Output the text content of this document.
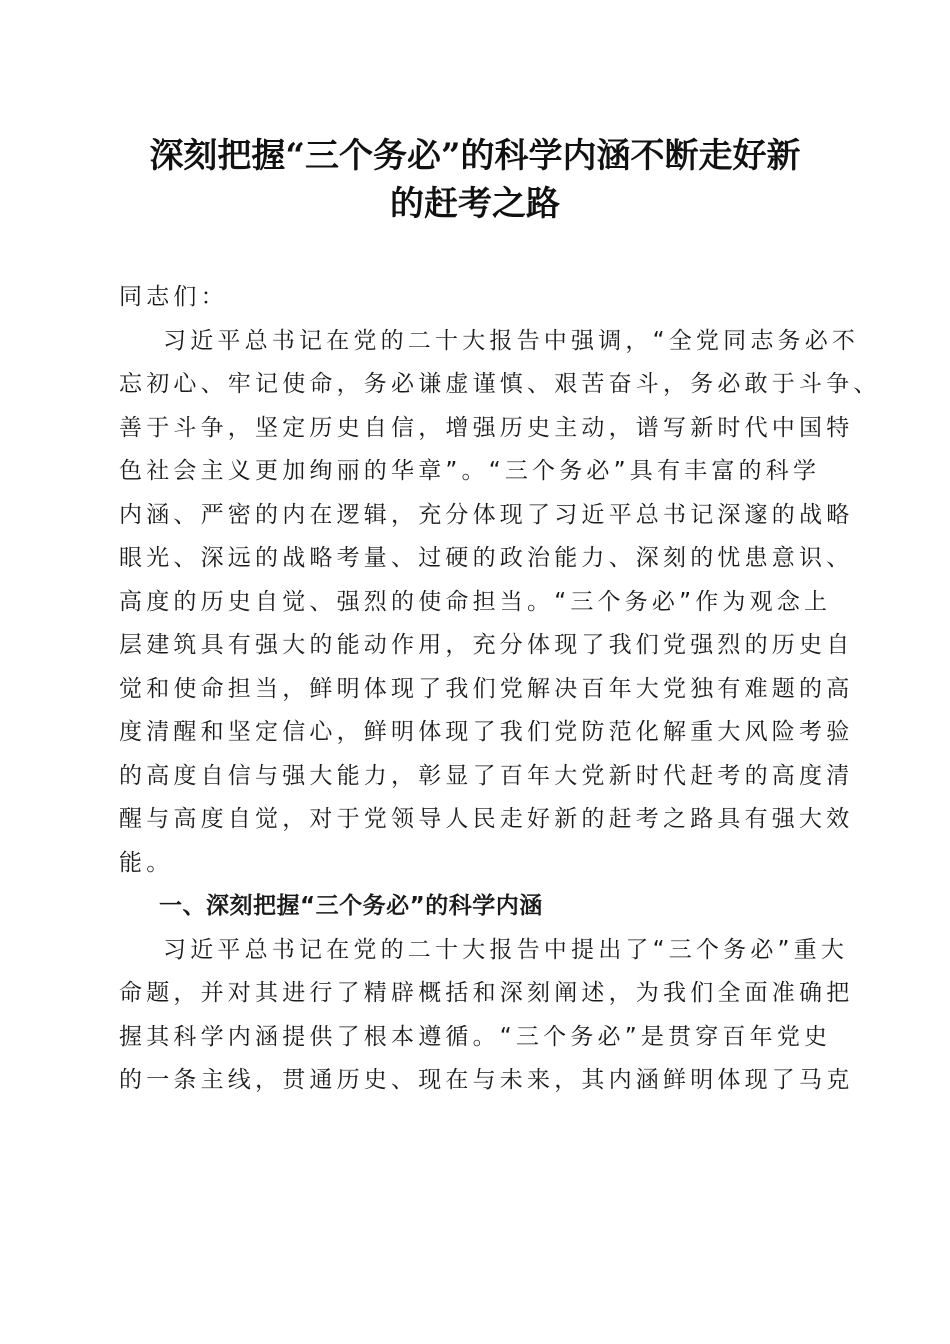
深刻把握“三个务必”的科学内涵不断走好新
的赶考之路
同志们：
习近平总书记在党的二十大报告中强调，“全党同志务必不
忘初心、牢记使命，务必谦虚谨慎、艰苦奋斗，务必敢于斗争、
善于斗争，坚定历史自信，增强历史主动，谱写新时代中国特
色社会主义更加绚丽的华章”。“三个务必”具有丰富的科学
内涵、严密的内在逻辑，充分体现了习近平总书记深邃的战略
眼光、深远的战略考量、过硬的政治能力、深刻的忧患意识、
高度的历史自觉、强烈的使命担当。“三个务必”作为观念上
层建筑具有强大的能动作用，充分体现了我们党强烈的历史自
觉和使命担当，鲜明体现了我们党解决百年大党独有难题的高
度清醒和坚定信心，鲜明体现了我们党防范化解重大风险考验
的高度自信与强大能力，彰显了百年大党新时代赶考的高度清
醒与高度自觉，对于党领导人民走好新的赶考之路具有强大效
能。
一、深刻把握“三个务必”的科学内涵
习近平总书记在党的二十大报告中提出了“三个务必”重大
命题，并对其进行了精辟概括和深刻阐述，为我们全面准确把
握其科学内涵提供了根本遵循。“三个务必”是贯穿百年党史
的一条主线，贯通历史、现在与未来，其内涵鲜明体现了马克
